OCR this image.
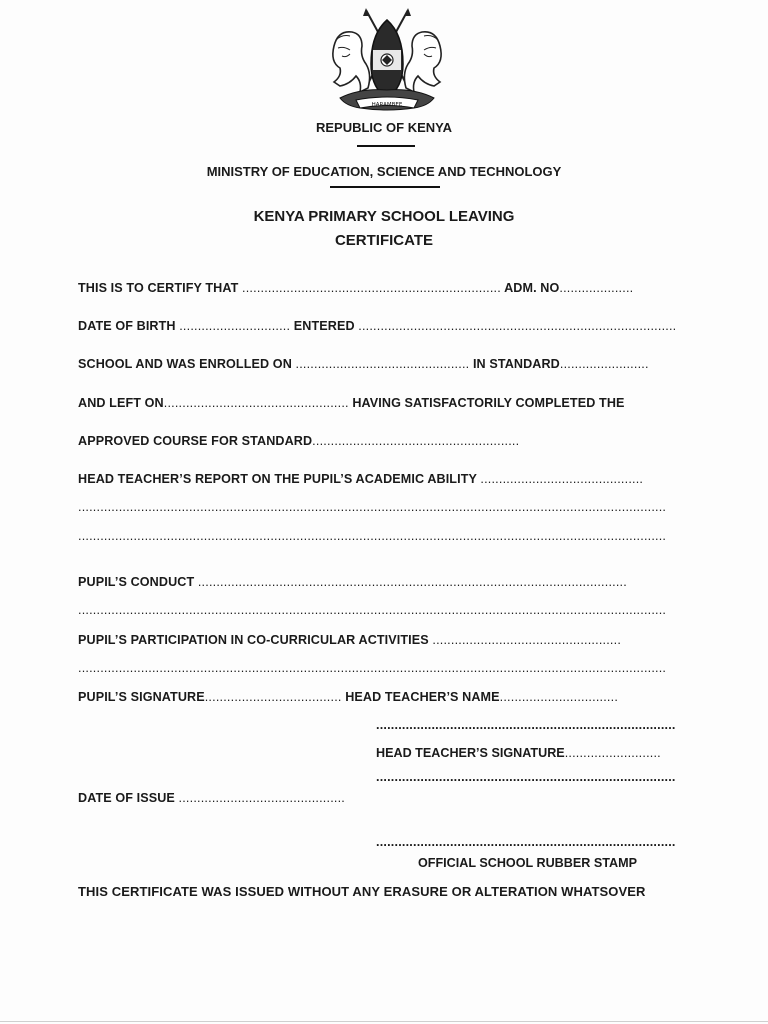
HARAMBEE
REPUBLIC OF KENYA
MINISTRY OF EDUCATION, SCIENCE AND TECHNOLOGY
KENYA PRIMARY SCHOOL LEAVING
CERTIFICATE
THIS IS TO CERTIFY THAT ...................................................................... ADM. NO....................
DATE OF BIRTH .............................. ENTERED ......................................................................................
SCHOOL AND WAS ENROLLED ON ............................................... IN STANDARD........................
AND LEFT ON.................................................. HAVING SATISFACTORILY COMPLETED THE
APPROVED COURSE FOR STANDARD........................................................
HEAD TEACHER’S REPORT ON THE PUPIL’S ACADEMIC ABILITY ............................................
...............................................................................................................................................................
...............................................................................................................................................................
PUPIL’S CONDUCT ....................................................................................................................
...............................................................................................................................................................
PUPIL’S PARTICIPATION IN CO-CURRICULAR ACTIVITIES ...................................................
...............................................................................................................................................................
PUPIL’S SIGNATURE..................................... HEAD TEACHER’S NAME................................
.................................................................................
HEAD TEACHER’S SIGNATURE..........................
.................................................................................
DATE OF ISSUE .............................................
.................................................................................
OFFICIAL SCHOOL RUBBER STAMP
THIS CERTIFICATE WAS ISSUED WITHOUT ANY ERASURE OR ALTERATION WHATSOVER
